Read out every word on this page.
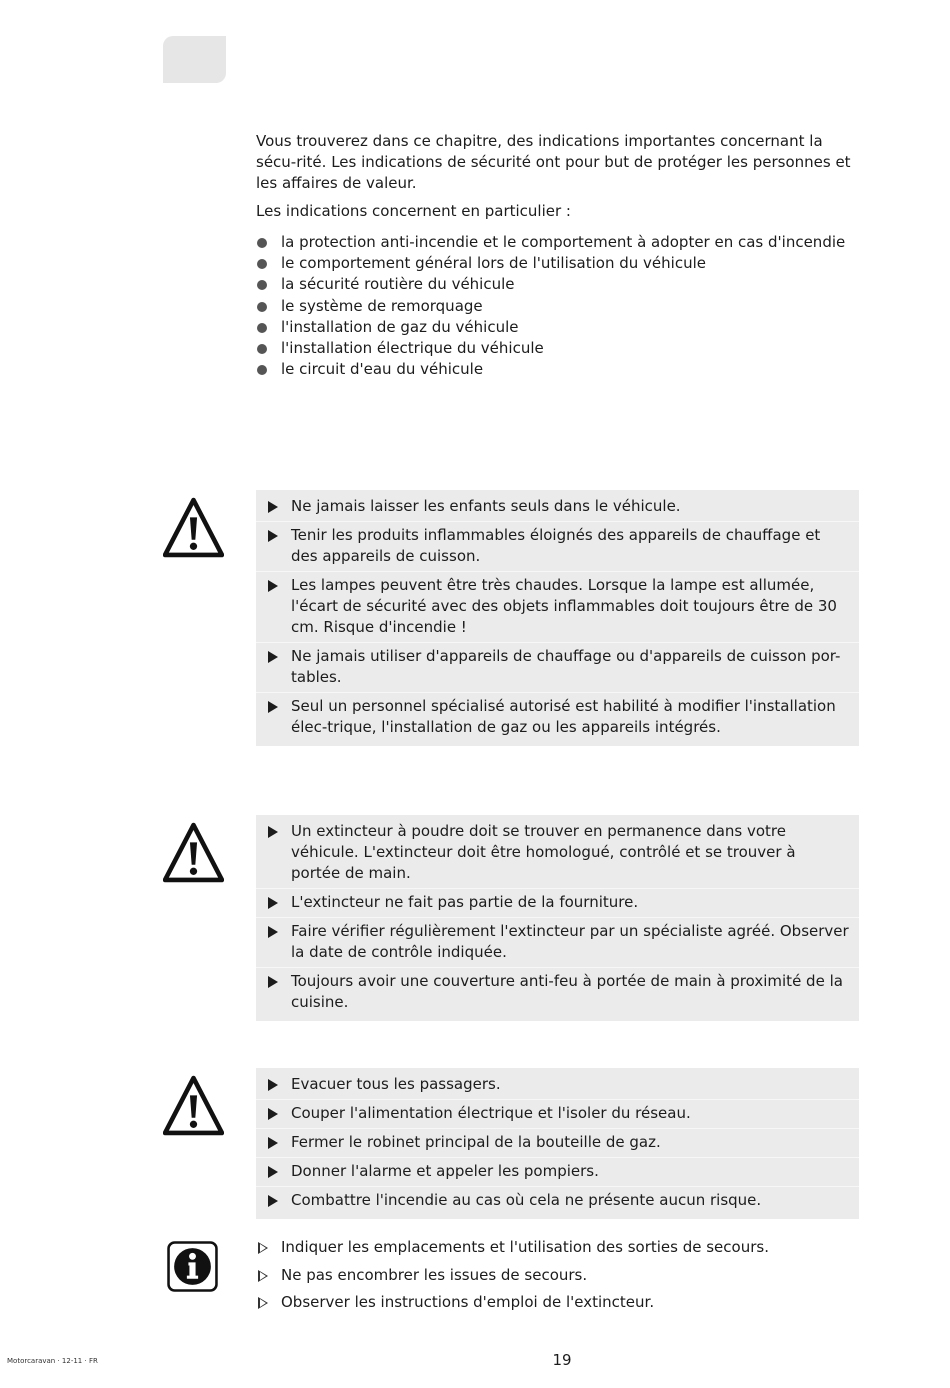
Vous trouverez dans ce chapitre, des indications importantes concernant la sécu-rité. Les indications de sécurité ont pour but de protéger les personnes et les affaires de valeur.

Les indications concernent en particulier :

la protection anti-incendie et le comportement à adopter en cas d'incendie
le comportement général lors de l'utilisation du véhicule
la sécurité routière du véhicule
le système de remorquage
l'installation de gaz du véhicule
l'installation électrique du véhicule
le circuit d'eau du véhicule
Ne jamais laisser les enfants seuls dans le véhicule.
Tenir les produits inflammables éloignés des appareils de chauffage et des appareils de cuisson.
Les lampes peuvent être très chaudes. Lorsque la lampe est allumée, l'écart de sécurité avec des objets inflammables doit toujours être de 30 cm. Risque d'incendie !
Ne jamais utiliser d'appareils de chauffage ou d'appareils de cuisson por-tables.
Seul un personnel spécialisé autorisé est habilité à modifier l'installation élec-trique, l'installation de gaz ou les appareils intégrés.
Un extincteur à poudre doit se trouver en permanence dans votre véhicule. L'extincteur doit être homologué, contrôlé et se trouver à portée de main.
L'extincteur ne fait pas partie de la fourniture.
Faire vérifier régulièrement l'extincteur par un spécialiste agréé. Observer la date de contrôle indiquée.
Toujours avoir une couverture anti-feu à portée de main à proximité de la cuisine.
Evacuer tous les passagers.
Couper l'alimentation électrique et l'isoler du réseau.
Fermer le robinet principal de la bouteille de gaz.
Donner l'alarme et appeler les pompiers.
Combattre l'incendie au cas où cela ne présente aucun risque.
Indiquer les emplacements et l'utilisation des sorties de secours.
Ne pas encombrer les issues de secours.
Observer les instructions d'emploi de l'extincteur.
19
Motorcaravan · 12-11 · FR
